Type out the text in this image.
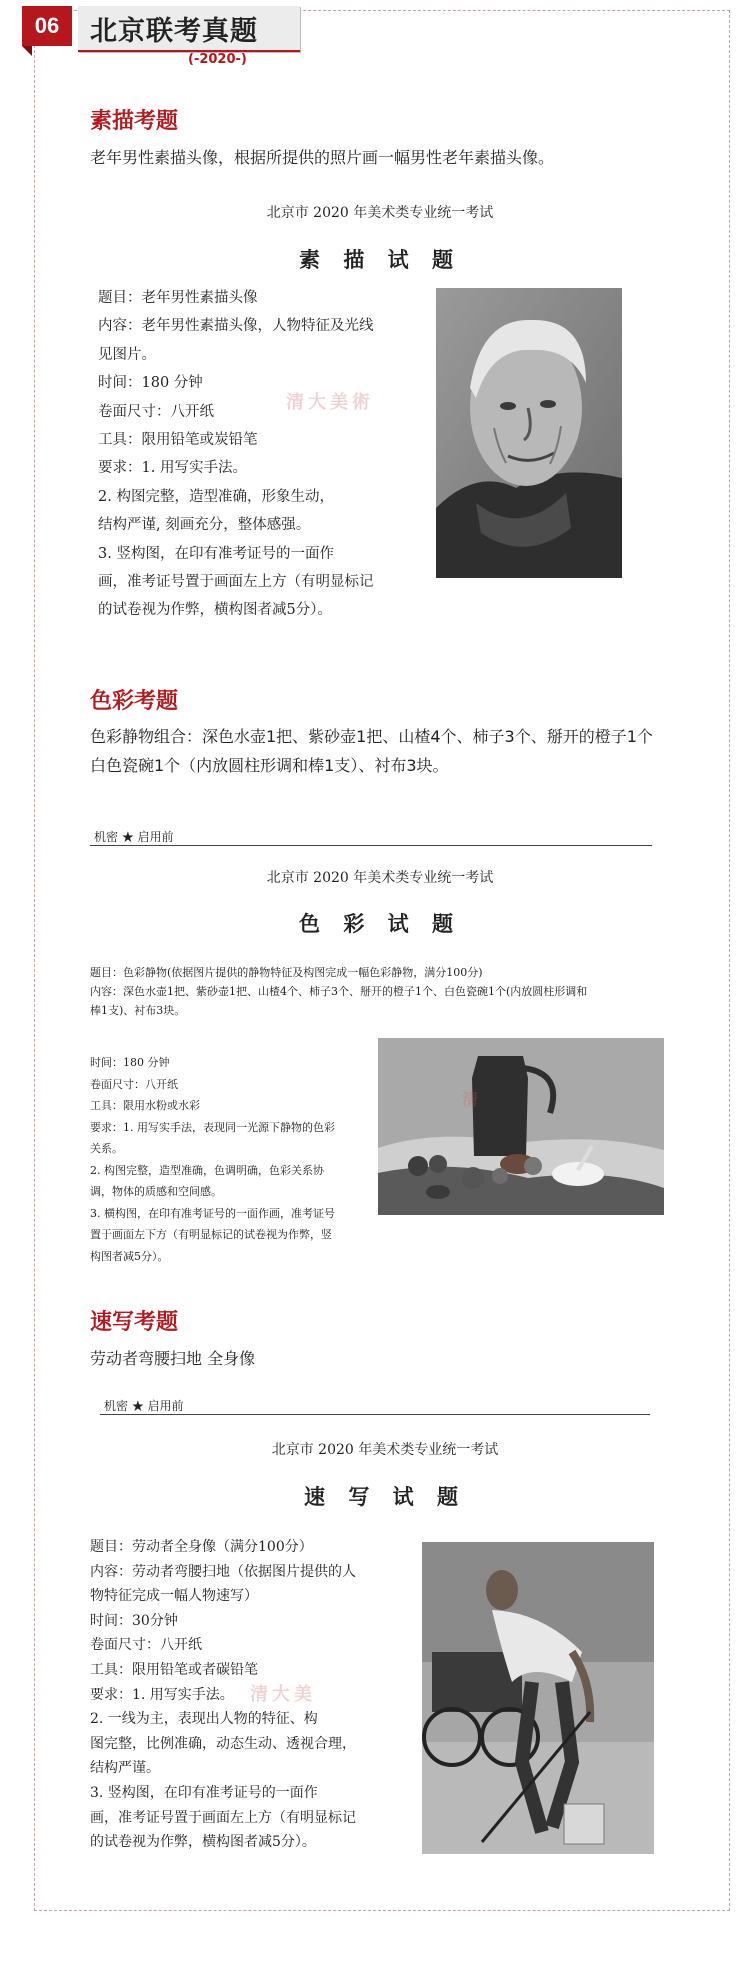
06	北京联考真题
(-2020-)
素描考题

老年男性素描头像，根据所提供的照片画一幅男性老年素描头像。

北京市 2020 年美术类专业统一考试
素 描 试 题
题目：老年男性素描头像
内容：老年男性素描头像，人物特征及光线
见图片。
时间：180 分钟
卷面尺寸：八开纸
工具：限用铅笔或炭铅笔
要求：1. 用写实手法。
2. 构图完整，造型准确，形象生动，
结构严谨, 刻画充分，整体感强。
3. 竖构图，在印有准考证号的一面作
画，准考证号置于画面左上方（有明显标记
的试卷视为作弊，横构图者减5分）。
清大美術
色彩考题
色彩静物组合：深色水壶1把、紫砂壶1把、山楂4个、柿子3个、掰开的橙子1个
白色瓷碗1个（内放圆柱形调和棒1支）、衬布3块。
机密 ★ 启用前
北京市 2020 年美术类专业统一考试
色 彩 试 题
题目：色彩静物(依据图片提供的静物特征及构图完成一幅色彩静物，满分100分)
内容：深色水壶1把、紫砂壶1把、山楂4个、柿子3个、掰开的橙子1个、白色瓷碗1个(内放圆柱形调和
棒1支)、衬布3块。
时间：180 分钟
卷面尺寸：八开纸
工具：限用水粉或水彩
要求：1. 用写实手法，表现同一光源下静物的色彩
关系。
2. 构图完整，造型准确，色调明确，色彩关系协
调，物体的质感和空间感。
3. 横构图，在印有准考证号的一面作画，准考证号
置于画面左下方（有明显标记的试卷视为作弊，竖
构图者减5分）。
清
速写考题

劳动者弯腰扫地 全身像

机密 ★ 启用前
北京市 2020 年美术类专业统一考试
速 写 试 题
题目：劳动者全身像（满分100分）
内容：劳动者弯腰扫地（依据图片提供的人
物特征完成一幅人物速写）
时间：30分钟
卷面尺寸：八开纸
工具：限用铅笔或者碳铅笔
要求：1. 用写实手法。
2. 一线为主，表现出人物的特征、构
图完整，比例准确，动态生动、透视合理，
结构严谨。
3. 竖构图，在印有准考证号的一面作
画，准考证号置于画面左上方（有明显标记
的试卷视为作弊，横构图者减5分）。
清大美
